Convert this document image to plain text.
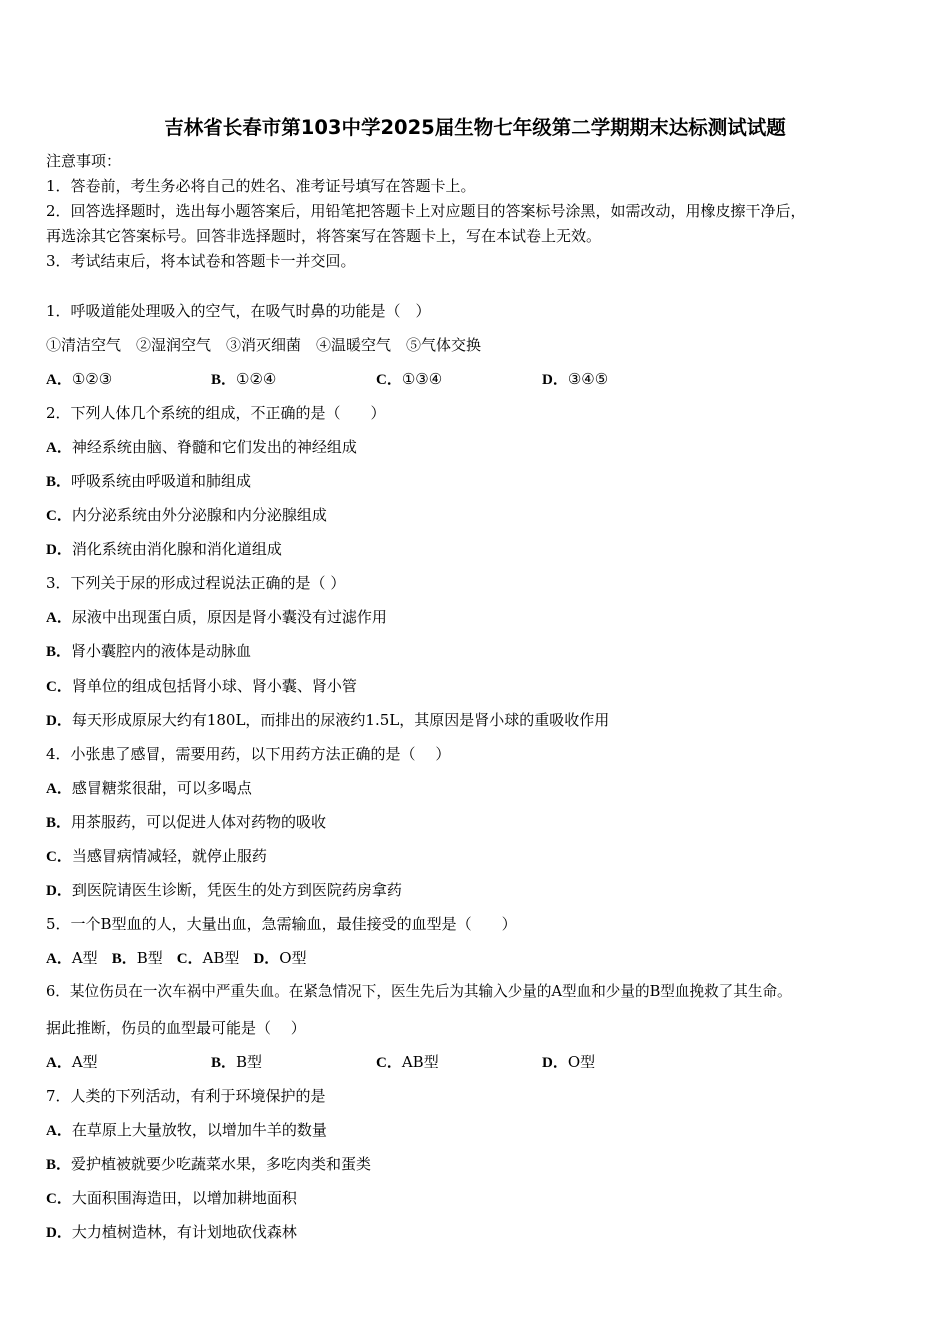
吉林省长春市第103中学2025届生物七年级第二学期期末达标测试试题
注意事项：
1．答卷前，考生务必将自己的姓名、准考证号填写在答题卡上。
2．回答选择题时，选出每小题答案后，用铅笔把答题卡上对应题目的答案标号涂黑，如需改动，用橡皮擦干净后，
再选涂其它答案标号。回答非选择题时，将答案写在答题卡上，写在本试卷上无效。
3．考试结束后，将本试卷和答题卡一并交回。
1．呼吸道能处理吸入的空气，在吸气时鼻的功能是（　）
①清洁空气　②湿润空气　③消灭细菌　④温暖空气　⑤气体交换
A．①②③	B．①②④	C．①③④	D．③④⑤
2．下列人体几个系统的组成，不正确的是（　　）
A．神经系统由脑、脊髓和它们发出的神经组成
B．呼吸系统由呼吸道和肺组成
C．内分泌系统由外分泌腺和内分泌腺组成
D．消化系统由消化腺和消化道组成
3．下列关于尿的形成过程说法正确的是（ ）
A．尿液中出现蛋白质，原因是肾小囊没有过滤作用
B．肾小囊腔内的液体是动脉血
C．肾单位的组成包括肾小球、肾小囊、肾小管
D．每天形成原尿大约有180L，而排出的尿液约1.5L，其原因是肾小球的重吸收作用
4．小张患了感冒，需要用药，以下用药方法正确的是（　 ）
A．感冒糖浆很甜，可以多喝点
B．用茶服药，可以促进人体对药物的吸收
C．当感冒病情减轻，就停止服药
D．到医院请医生诊断，凭医生的处方到医院药房拿药
5．一个B型血的人，大量出血，急需输血，最佳接受的血型是（　　）
A．A型 B．B型 C．AB型 D．O型
6．某位伤员在一次车祸中严重失血。在紧急情况下，医生先后为其输入少量的A型血和少量的B型血挽救了其生命。
据此推断，伤员的血型最可能是（　 ）
A．A型	B．B型	C．AB型	D．O型
7．人类的下列活动，有利于环境保护的是
A．在草原上大量放牧，以增加牛羊的数量
B．爱护植被就要少吃蔬菜水果，多吃肉类和蛋类
C．大面积围海造田，以增加耕地面积
D．大力植树造林，有计划地砍伐森林
